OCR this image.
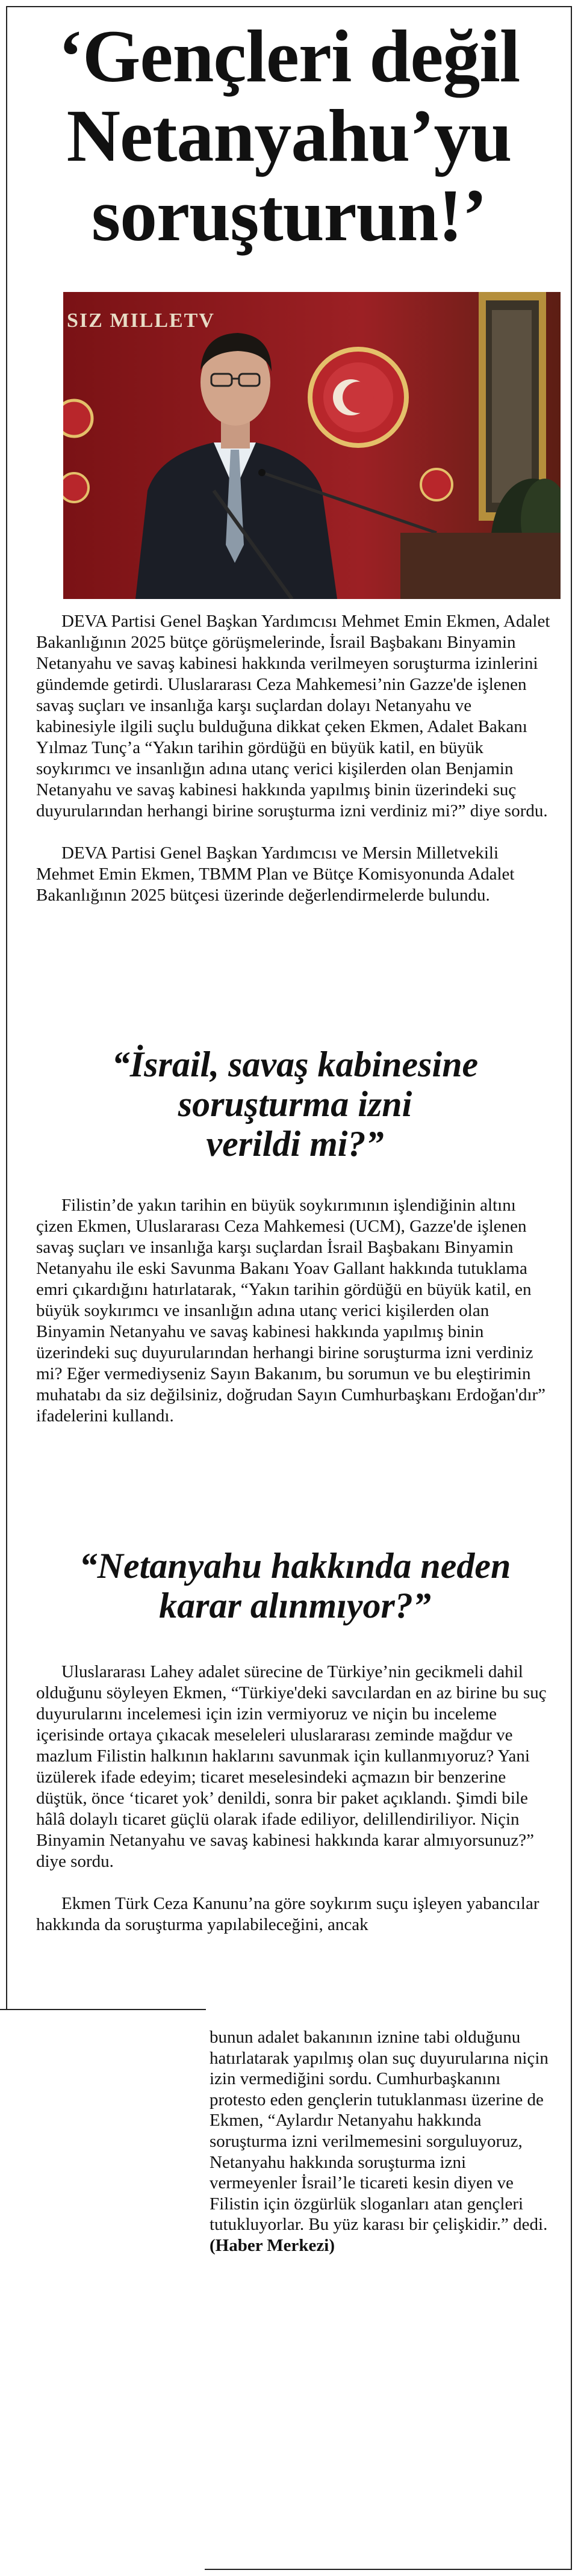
‘Gençleri değil
Netanyahu’yu
soruşturun!’
SIZ MILLETV

DEVA Partisi Genel Başkan Yardımcısı Mehmet Emin Ekmen, Adalet Bakanlığının 2025 bütçe görüşmelerinde, İsrail Başbakanı Binyamin Netanyahu ve savaş kabinesi hakkında verilmeyen soruşturma izinlerini gündemde getirdi. Uluslararası Ceza Mahkemesi’nin Gazze'de işlenen savaş suçları ve insanlığa karşı suçlardan dolayı Netanyahu ve kabinesiyle ilgili suçlu bulduğuna dikkat çeken Ekmen, Adalet Bakanı Yılmaz Tunç’a “Yakın tarihin gördüğü en büyük katil, en büyük soykırımcı ve insanlığın adına utanç verici kişilerden olan Benjamin Netanyahu ve savaş kabinesi hakkında yapılmış binin üzerindeki suç duyurularından herhangi birine soruşturma izni verdiniz mi?” diye sordu.

DEVA Partisi Genel Başkan Yardımcısı ve Mersin Milletvekili Mehmet Emin Ekmen, TBMM Plan ve Bütçe Komisyonunda Adalet Bakanlığının 2025 bütçesi üzerinde değerlendirmelerde bulundu.

“İsrail, savaş kabinesine
soruşturma izni
verildi mi?”

Filistin’de yakın tarihin en büyük soykırımının işlendiğinin altını çizen Ekmen, Uluslararası Ceza Mahkemesi (UCM), Gazze'de işlenen savaş suçları ve insanlığa karşı suçlardan İsrail Başbakanı Binyamin Netanyahu ile eski Savunma Bakanı Yoav Gallant hakkında tutuklama emri çıkardığını hatırlatarak, “Yakın tarihin gördüğü en büyük katil, en büyük soykırımcı ve insanlığın adına utanç verici kişilerden olan Binyamin Netanyahu ve savaş kabinesi hakkında yapılmış binin üzerindeki suç duyurularından herhangi birine soruşturma izni verdiniz mi? Eğer vermediyseniz Sayın Bakanım, bu sorumun ve bu eleştirimin muhatabı da siz değilsiniz, doğrudan Sayın Cumhurbaşkanı Erdoğan'dır” ifadelerini kullandı.

“Netanyahu hakkında neden
karar alınmıyor?”

Uluslararası Lahey adalet sürecine de Türkiye’nin gecikmeli dahil olduğunu söyleyen Ekmen, “Türkiye'deki savcılardan en az birine bu suç duyurularını incelemesi için izin vermiyoruz ve niçin bu inceleme içerisinde ortaya çıkacak meseleleri uluslararası zeminde mağdur ve mazlum Filistin halkının haklarını savunmak için kullanmıyoruz? Yani üzülerek ifade edeyim; ticaret meselesindeki açmazın bir benzerine düştük, önce ‘ticaret yok’ denildi, sonra bir paket açıklandı. Şimdi bile hâlâ dolaylı ticaret güçlü olarak ifade ediliyor, delillendiriliyor. Niçin Binyamin Netanyahu ve savaş kabinesi hakkında karar almıyorsunuz?” diye sordu.

Ekmen Türk Ceza Kanunu’na göre soykırım suçu işleyen yabancılar hakkında da soruşturma yapılabileceğini, ancak

bunun adalet bakanının iznine tabi olduğunu hatırlatarak yapılmış olan suç duyurularına niçin izin vermediğini sordu. Cumhurbaşkanını protesto eden gençlerin tutuklanması üzerine de Ekmen, “Aylardır Netanyahu hakkında soruşturma izni verilmemesini sorguluyoruz, Netanyahu hakkında soruşturma izni vermeyenler İsrail’le ticareti kesin diyen ve Filistin için özgürlük sloganları atan gençleri tutukluyorlar. Bu yüz karası bir çelişkidir.” dedi. (Haber Merkezi)
